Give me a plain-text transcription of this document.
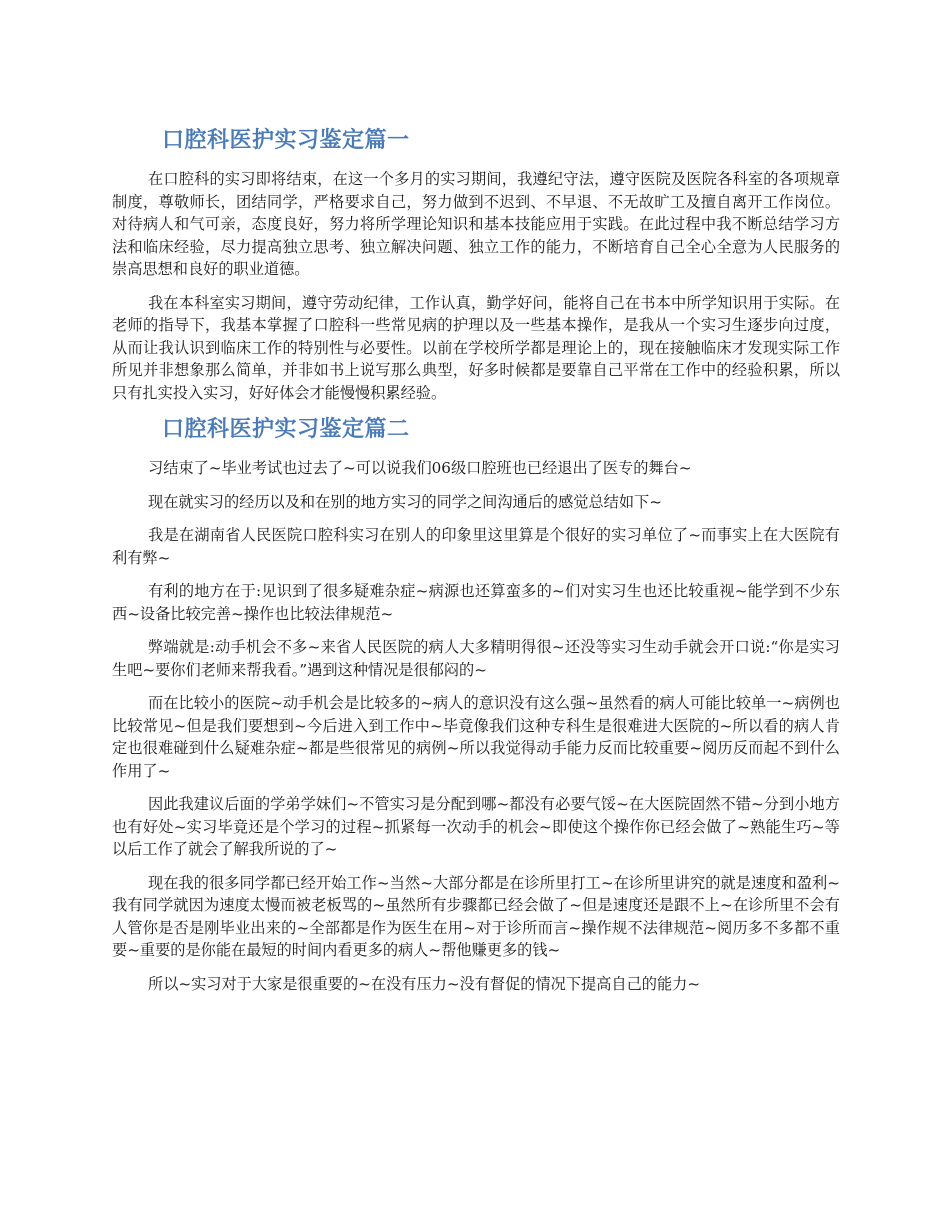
口腔科医护实习鉴定篇一

在口腔科的实习即将结束，在这一个多月的实习期间，我遵纪守法，遵守医院及医院各科室的各项规章制度，尊敬师长，团结同学，严格要求自己，努力做到不迟到、不早退、不无故旷工及擅自离开工作岗位。对待病人和气可亲，态度良好，努力将所学理论知识和基本技能应用于实践。在此过程中我不断总结学习方法和临床经验，尽力提高独立思考、独立解决问题、独立工作的能力，不断培育自己全心全意为人民服务的崇高思想和良好的职业道德。

我在本科室实习期间，遵守劳动纪律，工作认真，勤学好问，能将自己在书本中所学知识用于实际。在老师的指导下，我基本掌握了口腔科一些常见病的护理以及一些基本操作，是我从一个实习生逐步向过度，从而让我认识到临床工作的特别性与必要性。以前在学校所学都是理论上的，现在接触临床才发现实际工作所见并非想象那么简单，并非如书上说写那么典型，好多时候都是要靠自己平常在工作中的经验积累，所以只有扎实投入实习，好好体会才能慢慢积累经验。

口腔科医护实习鉴定篇二

习结束了~毕业考试也过去了~可以说我们06级口腔班也已经退出了医专的舞台~

现在就实习的经历以及和在别的地方实习的同学之间沟通后的感觉总结如下~

我是在湖南省人民医院口腔科实习在别人的印象里这里算是个很好的实习单位了~而事实上在大医院有利有弊~

有利的地方在于:见识到了很多疑难杂症~病源也还算蛮多的~们对实习生也还比较重视~能学到不少东西~设备比较完善~操作也比较法律规范~

弊端就是:动手机会不多~来省人民医院的病人大多精明得很~还没等实习生动手就会开口说:“你是实习生吧~要你们老师来帮我看。”遇到这种情况是很郁闷的~

而在比较小的医院~动手机会是比较多的~病人的意识没有这么强~虽然看的病人可能比较单一~病例也比较常见~但是我们要想到~今后进入到工作中~毕竟像我们这种专科生是很难进大医院的~所以看的病人肯定也很难碰到什么疑难杂症~都是些很常见的病例~所以我觉得动手能力反而比较重要~阅历反而起不到什么作用了~

因此我建议后面的学弟学妹们~不管实习是分配到哪~都没有必要气馁~在大医院固然不错~分到小地方也有好处~实习毕竟还是个学习的过程~抓紧每一次动手的机会~即使这个操作你已经会做了~熟能生巧~等以后工作了就会了解我所说的了~

现在我的很多同学都已经开始工作~当然~大部分都是在诊所里打工~在诊所里讲究的就是速度和盈利~我有同学就因为速度太慢而被老板骂的~虽然所有步骤都已经会做了~但是速度还是跟不上~在诊所里不会有人管你是否是刚毕业出来的~全部都是作为医生在用~对于诊所而言~操作规不法律规范~阅历多不多都不重要~重要的是你能在最短的时间内看更多的病人~帮他赚更多的钱~

所以~实习对于大家是很重要的~在没有压力~没有督促的情况下提高自己的能力~
